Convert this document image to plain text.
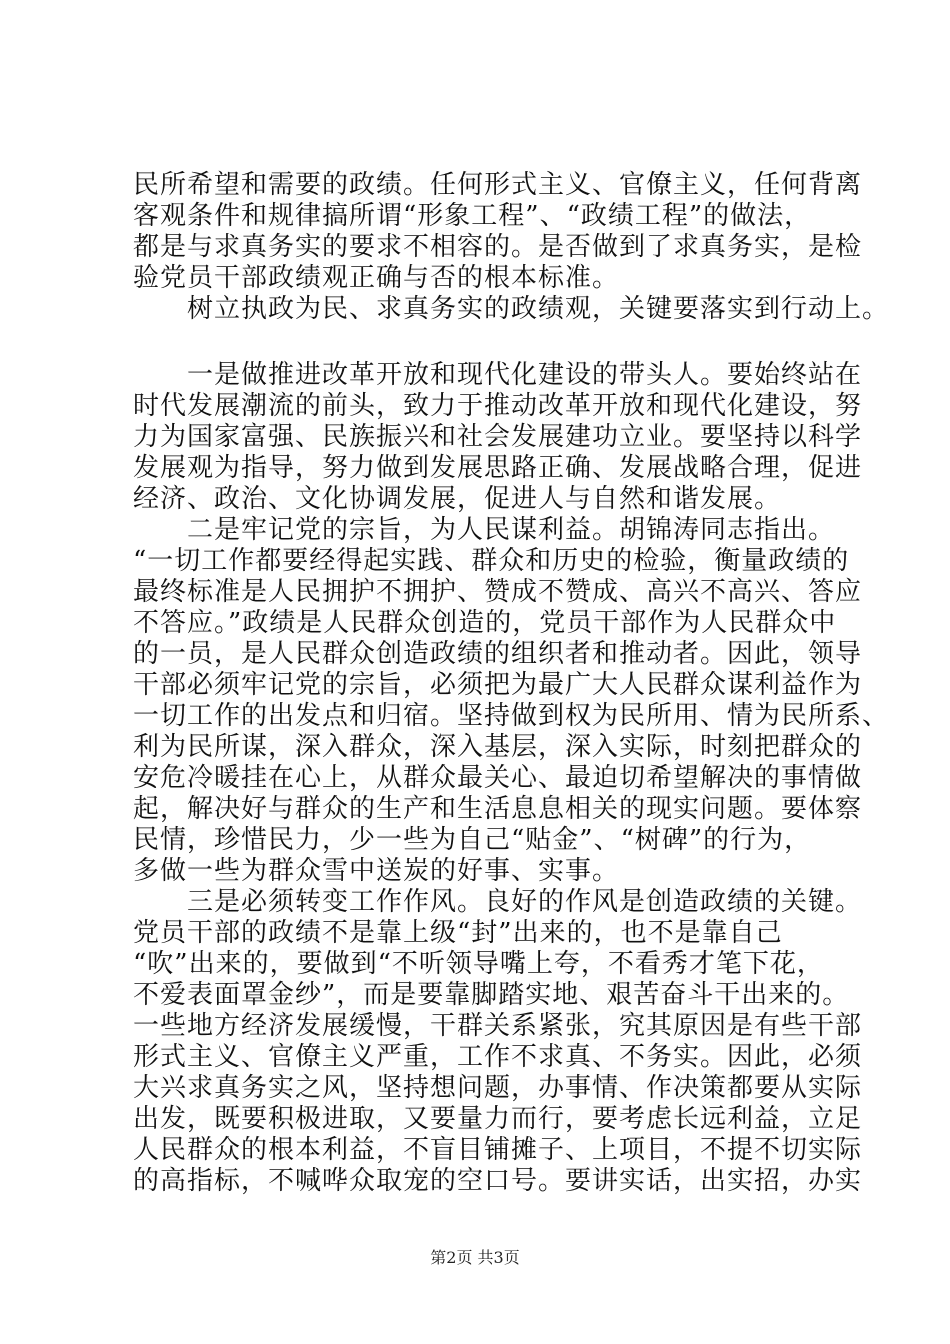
民所希望和需要的政绩。任何形式主义、官僚主义，任何背离
客观条件和规律搞所谓“形象工程”、“政绩工程”的做法，
都是与求真务实的要求不相容的。是否做到了求真务实，是检
验党员干部政绩观正确与否的根本标准。
　　树立执政为民、求真务实的政绩观，关键要落实到行动上。
　　一是做推进改革开放和现代化建设的带头人。要始终站在
时代发展潮流的前头，致力于推动改革开放和现代化建设，努
力为国家富强、民族振兴和社会发展建功立业。要坚持以科学
发展观为指导，努力做到发展思路正确、发展战略合理，促进
经济、政治、文化协调发展，促进人与自然和谐发展。
　　二是牢记党的宗旨，为人民谋利益。胡锦涛同志指出。
“一切工作都要经得起实践、群众和历史的检验，衡量政绩的
最终标准是人民拥护不拥护、赞成不赞成、高兴不高兴、答应
不答应。”政绩是人民群众创造的，党员干部作为人民群众中
的一员，是人民群众创造政绩的组织者和推动者。因此，领导
干部必须牢记党的宗旨，必须把为最广大人民群众谋利益作为
一切工作的出发点和归宿。坚持做到权为民所用、情为民所系、
利为民所谋，深入群众，深入基层，深入实际，时刻把群众的
安危冷暖挂在心上，从群众最关心、最迫切希望解决的事情做
起，解决好与群众的生产和生活息息相关的现实问题。要体察
民情，珍惜民力，少一些为自己“贴金”、“树碑”的行为，
多做一些为群众雪中送炭的好事、实事。
　　三是必须转变工作作风。良好的作风是创造政绩的关键。
党员干部的政绩不是靠上级“封”出来的，也不是靠自己
“吹”出来的，要做到“不听领导嘴上夸，不看秀才笔下花，
不爱表面罩金纱”，而是要靠脚踏实地、艰苦奋斗干出来的。
一些地方经济发展缓慢，干群关系紧张，究其原因是有些干部
形式主义、官僚主义严重，工作不求真、不务实。因此，必须
大兴求真务实之风，坚持想问题，办事情、作决策都要从实际
出发，既要积极进取，又要量力而行，要考虑长远利益，立足
人民群众的根本利益，不盲目铺摊子、上项目，不提不切实际
的高指标，不喊哗众取宠的空口号。要讲实话，出实招，办实
第2页 共3页
